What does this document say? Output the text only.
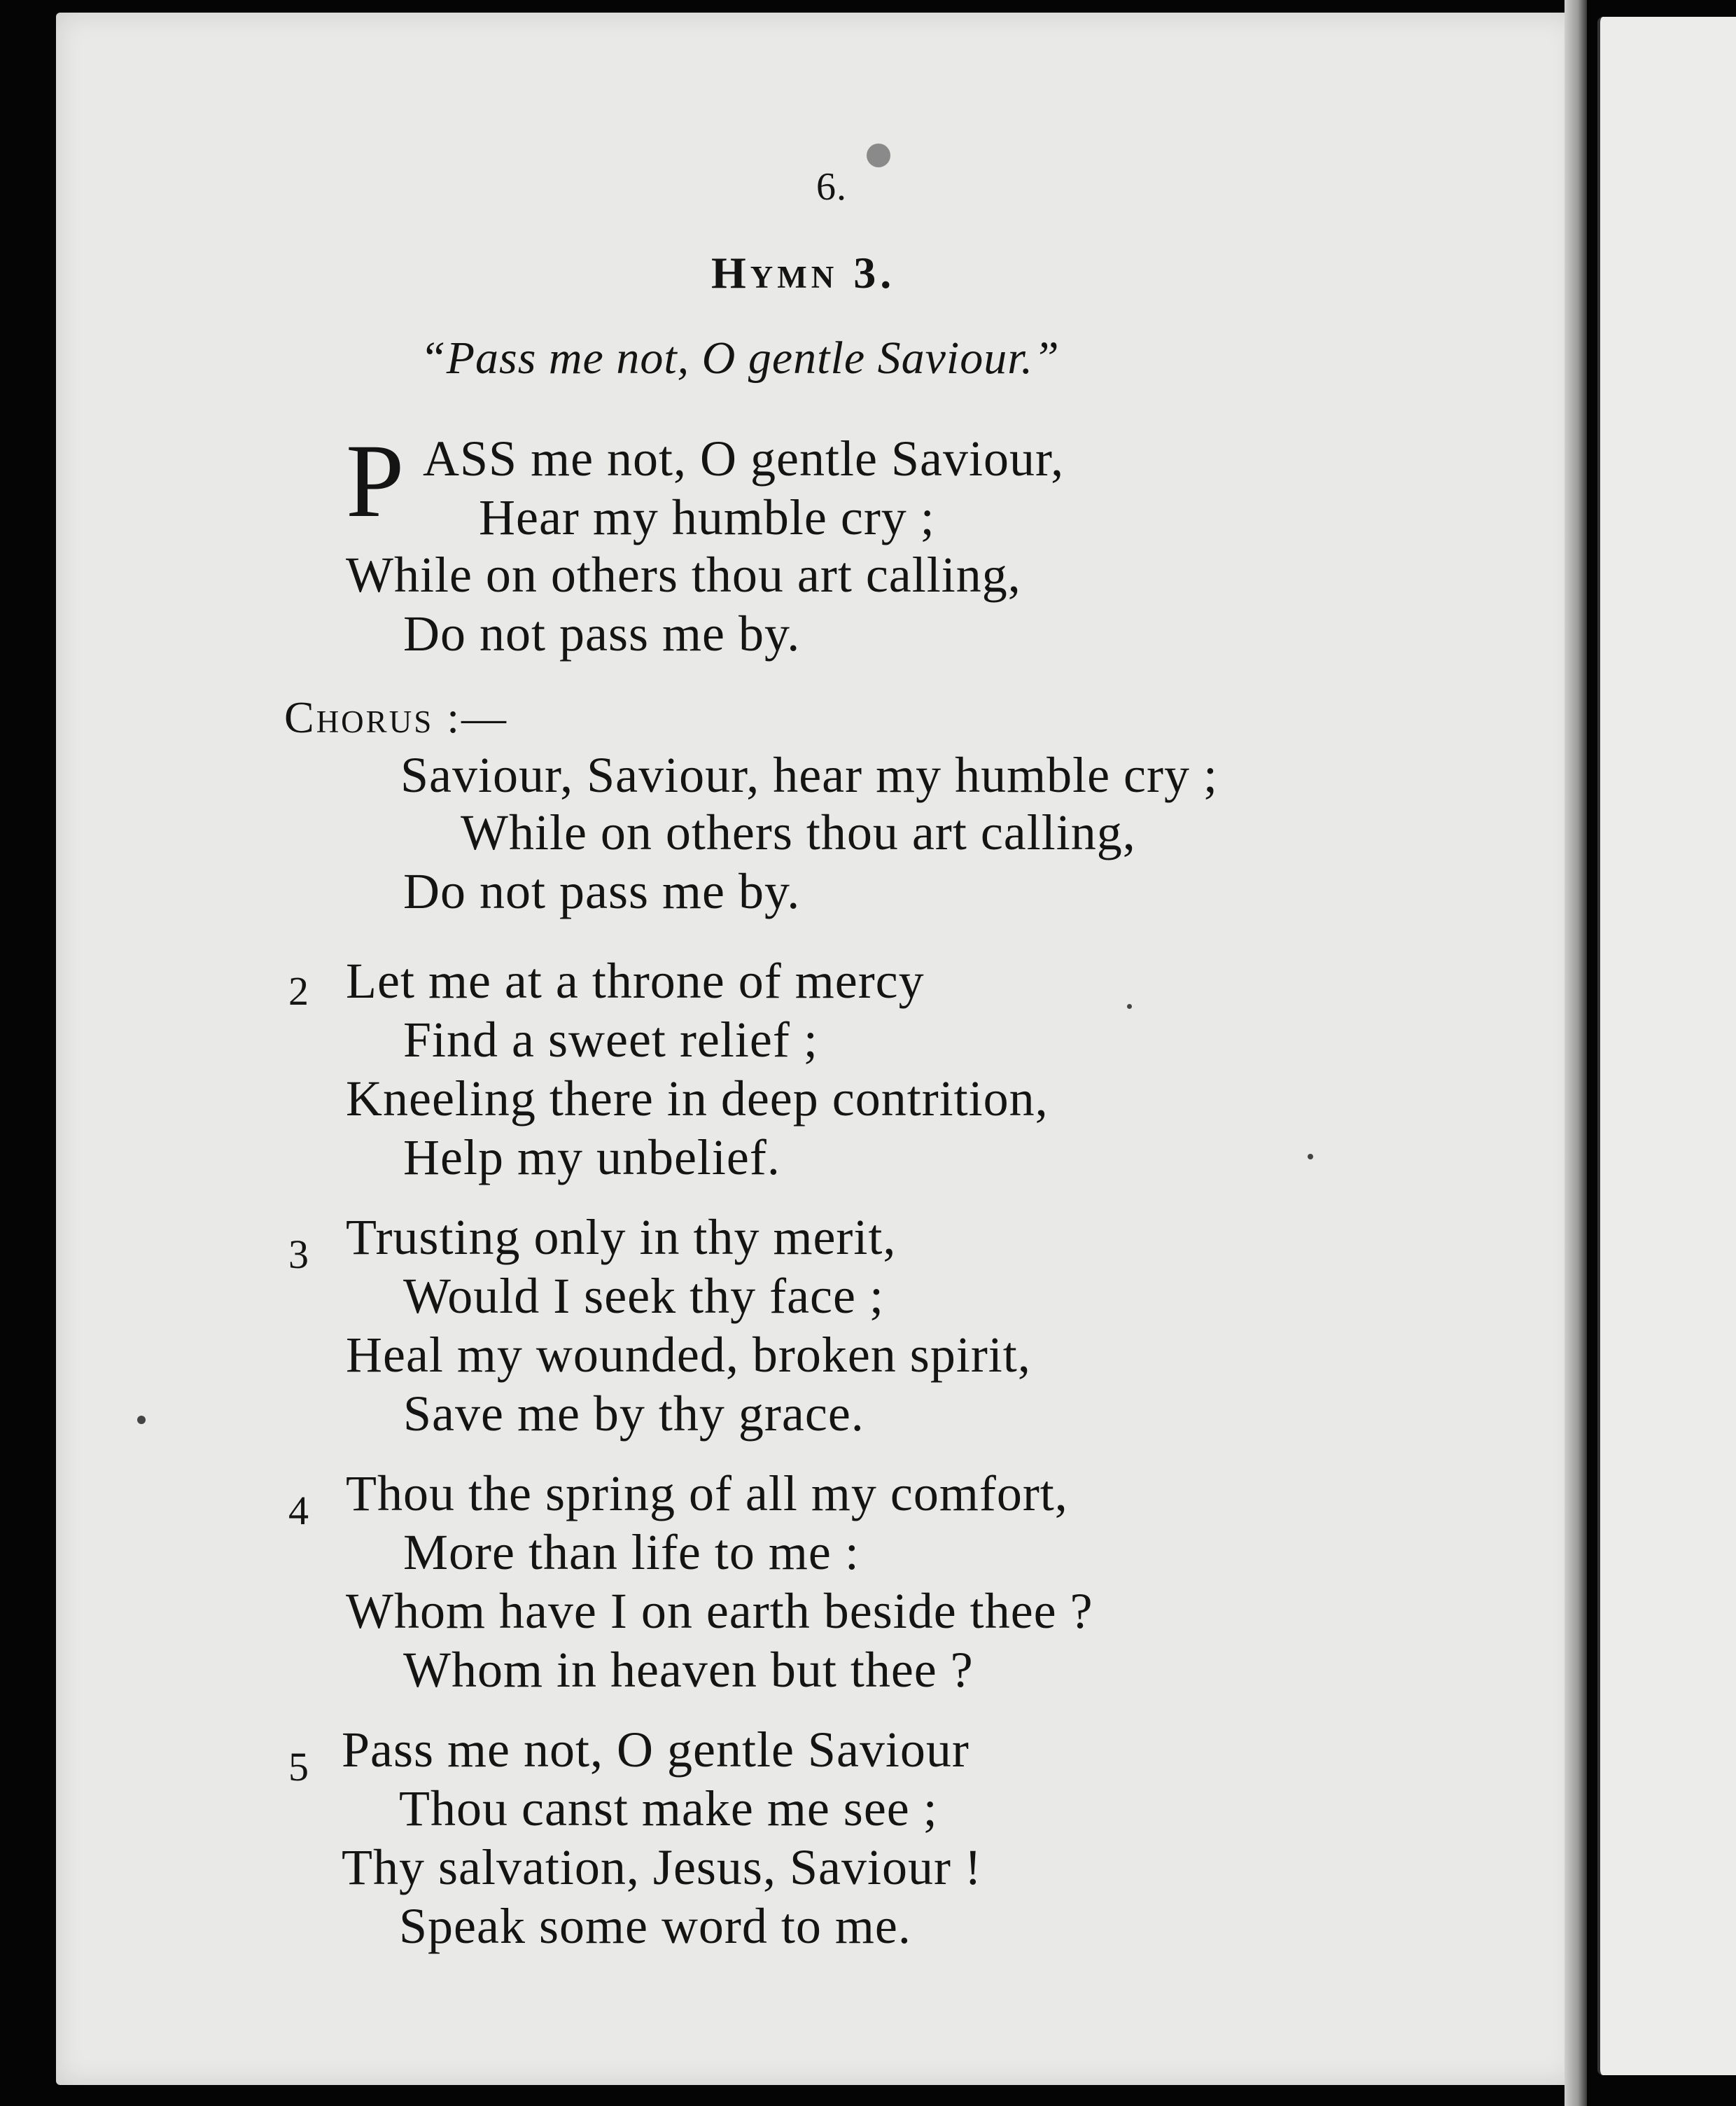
6.
Hymn 3.
“Pass me not, O gentle Saviour.”
P ASS me not, O gentle Saviour,
Hear my humble cry ;
While on others thou art calling,
Do not pass me by.
Chorus :—
Saviour, Saviour, hear my humble cry ;
While on others thou art calling,
Do not pass me by.
2 Let me at a throne of mercy
Find a sweet relief ;
Kneeling there in deep contrition,
Help my unbelief.
3 Trusting only in thy merit,
Would I seek thy face ;
Heal my wounded, broken spirit,
Save me by thy grace.
4 Thou the spring of all my comfort,
More than life to me :
Whom have I on earth beside thee ?
Whom in heaven but thee ?
5 Pass me not, O gentle Saviour
Thou canst make me see ;
Thy salvation, Jesus, Saviour !
Speak some word to me.
